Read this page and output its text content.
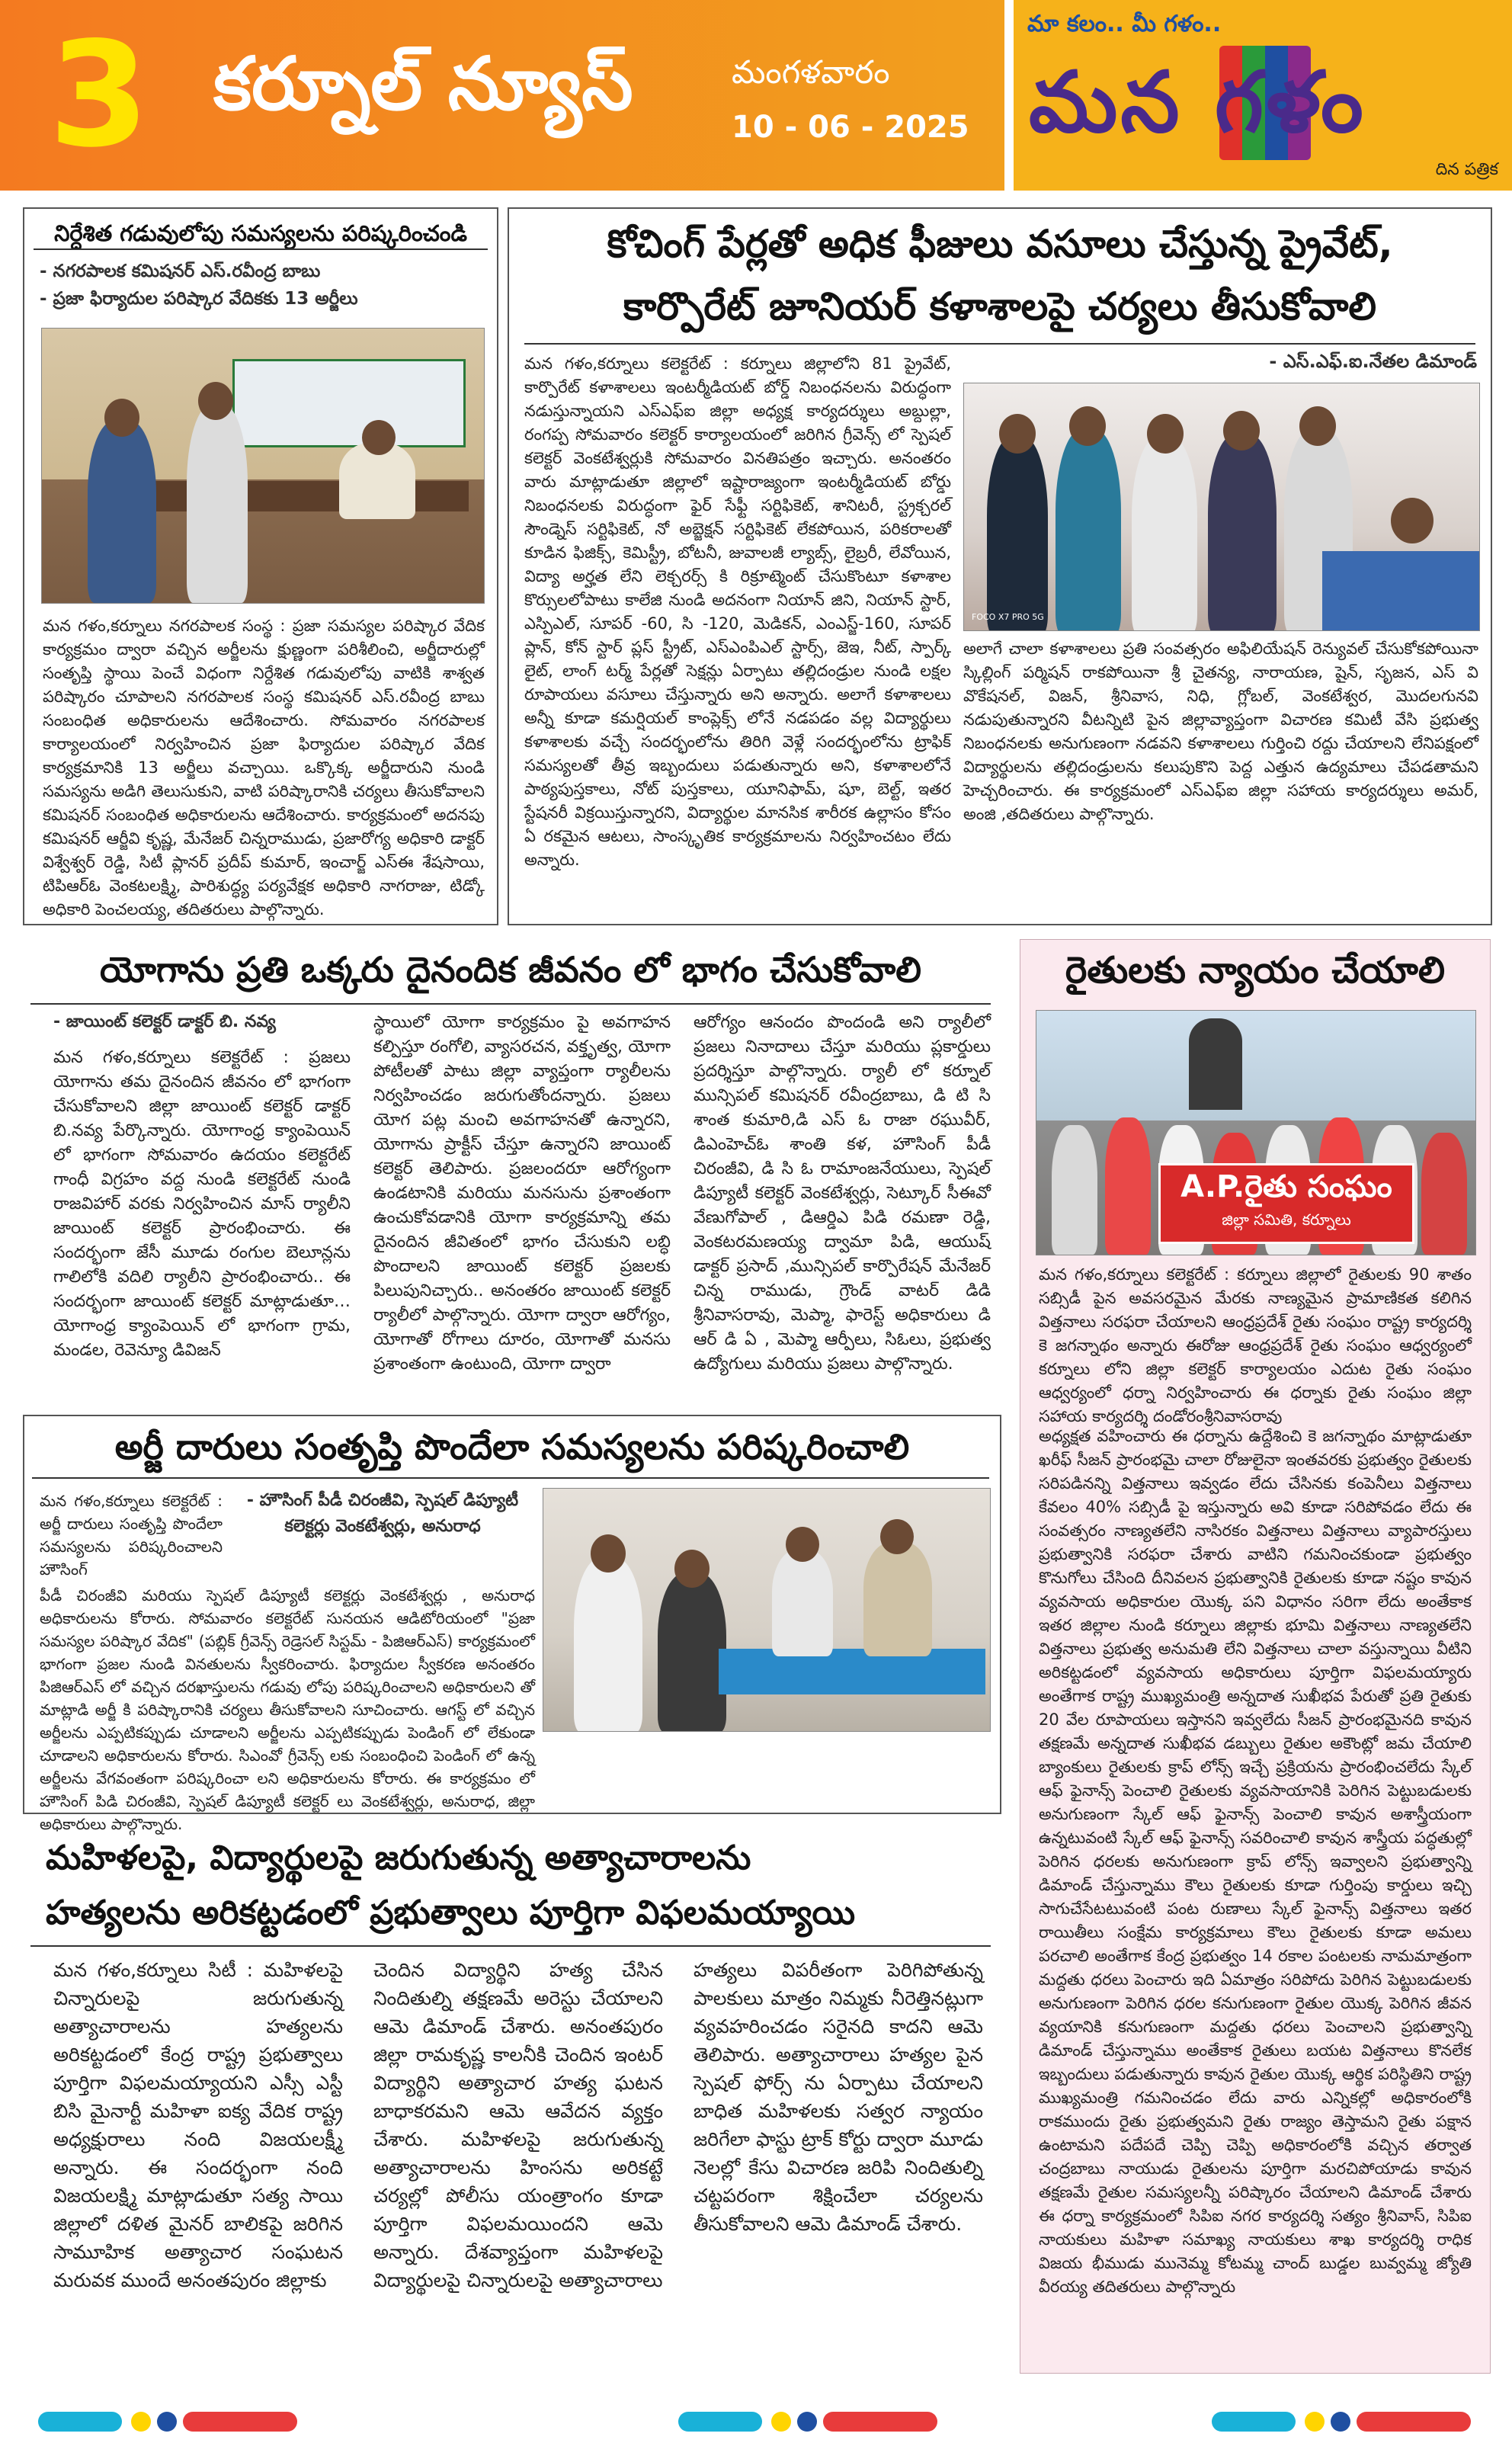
3 కర్నూల్ న్యూస్	మంగళవారం
10 - 06 - 2025
మా కలం.. మీ గళం..
మన గళం
దిన పత్రిక
నిర్దేశిత గడువులోపు సమస్యలను పరిష్కరించండి
- నగరపాలక కమిషనర్ ఎస్.రవీంద్ర బాబు
- ప్రజా ఫిర్యాదుల పరిష్కార వేదికకు 13 అర్జీలు
మన గళం,కర్నూలు నగరపాలక సంస్థ : ప్రజా సమస్యల పరిష్కార వేదిక కార్యక్రమం ద్వారా వచ్చిన అర్జీలను క్షుణ్ణంగా పరిశీలించి, అర్జీదారుల్లో సంతృప్తి స్థాయి పెంచే విధంగా నిర్దేశిత గడువులోపు వాటికి శాశ్వత పరిష్కారం చూపాలని నగరపాలక సంస్థ కమిషనర్ ఎస్.రవీంద్ర బాబు సంబంధిత అధికారులను ఆదేశించారు. సోమవారం నగరపాలక కార్యాలయంలో నిర్వహించిన ప్రజా ఫిర్యాదుల పరిష్కార వేదిక కార్యక్రమానికి 13 అర్జీలు వచ్చాయి. ఒక్కొక్క అర్జీదారుని నుండి సమస్యను అడిగి తెలుసుకుని, వాటి పరిష్కారానికి చర్యలు తీసుకోవాలని కమిషనర్ సంబంధిత అధికారులను ఆదేశించారు. కార్యక్రమంలో అదనపు కమిషనర్ ఆర్జీవి కృష్ణ, మేనేజర్ చిన్నరాముడు, ప్రజారోగ్య అధికారి డాక్టర్ విశ్వేశ్వర్ రెడ్డి, సిటీ ప్లానర్ ప్రదీప్ కుమార్, ఇంచార్జ్ ఎస్ఈ శేషసాయి, టిపిఆర్ఓ వెంకటలక్ష్మి, పారిశుద్ధ్య పర్యవేక్షక అధికారి నాగరాజు, టిడ్కో అధికారి పెంచలయ్య, తదితరులు పాల్గొన్నారు.
కోచింగ్ పేర్లతో అధిక ఫీజులు వసూలు చేస్తున్న ప్రైవేట్,
కార్పొరేట్ జూనియర్ కళాశాలపై చర్యలు తీసుకోవాలి
మన గళం,కర్నూలు కలెక్టరేట్ : కర్నూలు జిల్లాలోని 81 ప్రైవేట్, కార్పొరేట్ కళాశాలలు ఇంటర్మీడియట్ బోర్డ్ నిబంధనలను విరుద్ధంగా నడుస్తున్నాయని ఎస్ఎఫ్ఐ జిల్లా అధ్యక్ష కార్యదర్శులు అబ్దుల్లా, రంగప్ప సోమవారం కలెక్టర్ కార్యాలయంలో జరిగిన గ్రీవెన్స్ లో స్పెషల్ కలెక్టర్ వెంకటేశ్వర్లుకి సోమవారం వినతిపత్రం ఇచ్చారు. అనంతరం వారు మాట్లాడుతూ జిల్లాలో ఇష్టారాజ్యంగా ఇంటర్మీడియట్ బోర్డు నిబంధనలకు విరుద్ధంగా ఫైర్ సేఫ్టీ సర్టిఫికెట్, శానిటరీ, స్ట్రక్చరల్ సౌండ్నెస్ సర్టిఫికెట్, నో అబ్జెక్షన్ సర్టిఫికెట్ లేకపోయిన, పరికరాలతో కూడిన ఫిజిక్స్, కెమిస్ట్రీ, బోటనీ, జువాలజీ ల్యాబ్స్, లైబ్రరీ, లేవోయిన, విద్యా అర్హత లేని లెక్చరర్స్ కి రిక్రూట్మెంట్ చేసుకొంటూ కళాశాల కొర్సులలోపాటు కాలేజి నుండి అదనంగా నియాన్ జిని, నియాన్ స్టార్, ఎస్పిఎల్, సూపర్ -60, సి -120, మెడికన్, ఎంఎస్జ్-160, సూపర్ ప్లాన్, కోన్ స్టార్ ప్లస్ స్ట్రీట్, ఎస్ఎంపిఎల్ స్టార్స్, జెఇ, నీట్, స్పార్క్ లైట్, లాంగ్ టర్మ్ పేర్లతో సెక్షన్లు ఏర్పాటు తల్లిదండ్రుల నుండి లక్షల రూపాయలు వసూలు చేస్తున్నారు అని అన్నారు. అలాగే కళాశాలలు అన్నీ కూడా కమర్షియల్ కాంప్లెక్స్ లోనే నడపడం వల్ల విద్యార్థులు కళాశాలకు వచ్చే సందర్భంలోను తిరిగి వెళ్లే సందర్భంలోను ట్రాఫిక్ సమస్యలతో తీవ్ర ఇబ్బందులు పడుతున్నారు అని, కళాశాలలోనే పాఠ్యపుస్తకాలు, నోట్ పుస్తకాలు, యూనిఫామ్, షూ, బెల్ట్, ఇతర స్టేషనరీ విక్రయిస్తున్నారని, విద్యార్థుల మానసిక శారీరక ఉల్లాసం కోసం ఏ రకమైన ఆటలు, సాంస్కృతిక కార్యక్రమాలను నిర్వహించటం లేదు అన్నారు.
- ఎస్.ఎఫ్.ఐ.నేతల డిమాండ్
FOCO X7 PRO 5G
అలాగే చాలా కళాశాలలు ప్రతి సంవత్సరం అఫిలియేషన్ రెన్యువల్ చేసుకోకపోయినా స్కిల్లింగ్ పర్మిషన్ రాకపోయినా శ్రీ చైతన్య, నారాయణ, షైన్, సృజన, ఎస్ వి వొకేషనల్, విజన్, శ్రీనివాస, నిధి, గ్లోబల్, వెంకటేశ్వర, మొదలగునవి నడుపుతున్నారని వీటన్నిటి పైన జిల్లావ్యాప్తంగా విచారణ కమిటీ వేసి ప్రభుత్వ నిబంధనలకు అనుగుణంగా నడవని కళాశాలలు గుర్తించి రద్దు చేయాలని లేనిపక్షంలో విద్యార్థులను తల్లిదండ్రులను కలుపుకొని పెద్ద ఎత్తున ఉద్యమాలు చేపడతామని హెచ్చరించారు. ఈ కార్యక్రమంలో ఎస్ఎఫ్ఐ జిల్లా సహాయ కార్యదర్శులు అమర్, అంజి ,తదితరులు పాల్గొన్నారు.
యోగాను ప్రతి ఒక్కరు దైనందిక జీవనం లో భాగం చేసుకోవాలి
- జాయింట్ కలెక్టర్ డాక్టర్ బి. నవ్య
మన గళం,కర్నూలు కలెక్టరేట్ : ప్రజలు యోగాను తమ దైనందిన జీవనం లో భాగంగా చేసుకోవాలని జిల్లా జాయింట్ కలెక్టర్ డాక్టర్ బి.నవ్య పేర్కొన్నారు. యోగాంధ్ర క్యాంపెయిన్ లో భాగంగా సోమవారం ఉదయం కలెక్టరేట్ గాంధీ విగ్రహం వద్ద నుండి కలెక్టరేట్ నుండి రాజవిహార్ వరకు నిర్వహించిన మాస్ ర్యాలీని జాయింట్ కలెక్టర్ ప్రారంభించారు. ఈ సందర్భంగా జేసీ మూడు రంగుల బెలూన్లను గాలిలోకి వదిలి ర్యాలీని ప్రారంభించారు.. ఈ సందర్భంగా జాయింట్ కలెక్టర్ మాట్లాడుతూ… యోగాంధ్ర క్యాంపెయిన్ లో భాగంగా గ్రామ, మండల, రెవెన్యూ డివిజన్
స్థాయిలో యోగా కార్యక్రమం పై అవగాహన కల్పిస్తూ రంగోలి, వ్యాసరచన, వక్తృత్వ, యోగా పోటీలతో పాటు జిల్లా వ్యాప్తంగా ర్యాలీలను నిర్వహించడం జరుగుతోందన్నారు. ప్రజలు యోగ పట్ల మంచి అవగాహనతో ఉన్నారని, యోగాను ప్రాక్టీస్ చేస్తూ ఉన్నారని జాయింట్ కలెక్టర్ తెలిపారు. ప్రజలందరూ ఆరోగ్యంగా ఉండటానికి మరియు మనసును ప్రశాంతంగా ఉంచుకోవడానికి యోగా కార్యక్రమాన్ని తమ దైనందిన జీవితంలో భాగం చేసుకుని లబ్ధి పొందాలని జాయింట్ కలెక్టర్ ప్రజలకు పిలుపునిచ్చారు.. అనంతరం జాయింట్ కలెక్టర్ ర్యాలీలో పాల్గొన్నారు. యోగా ద్వారా ఆరోగ్యం, యోగాతో రోగాలు దూరం, యోగాతో మనసు ప్రశాంతంగా ఉంటుంది, యోగా ద్వారా
ఆరోగ్యం ఆనందం పొందండి అని ర్యాలీలో ప్రజలు నినాదాలు చేస్తూ మరియు ప్లకార్డులు ప్రదర్శిస్తూ పాల్గొన్నారు. ర్యాలీ లో కర్నూల్ మున్సిపల్ కమిషనర్ రవీంద్రబాబు, డి టి సి శాంత కుమారి,డి ఎస్ ఓ రాజా రఘువీర్, డిఎంహెచ్ఓ శాంతి కళ, హౌసింగ్ పీడీ చిరంజీవి, డి సి ఓ రామాంజనేయులు, స్పెషల్ డిప్యూటీ కలెక్టర్ వెంకటేశ్వర్లు, సెట్కూర్ సీఈవో వేణుగోపాల్ , డిఆర్డిఎ పిడి రమణా రెడ్డి, వెంకటరమణయ్య ద్వామా పిడి, ఆయుష్ డాక్టర్ ప్రసాద్ ,మున్సిపల్ కార్పొరేషన్ మేనేజర్ చిన్న రాముడు, గ్రౌండ్ వాటర్ డిడి శ్రీనివాసరావు, మెప్మా, ఫారెస్ట్ అధికారులు డి ఆర్ డి ఏ , మెప్మా ఆర్పీలు, సిఓలు, ప్రభుత్వ ఉద్యోగులు మరియు ప్రజలు పాల్గొన్నారు.
రైతులకు న్యాయం చేయాలి
A.P.రైతు సంఘం
జిల్లా సమితి, కర్నూలు
మన గళం,కర్నూలు కలెక్టరేట్ : కర్నూలు జిల్లాలో రైతులకు 90 శాతం సబ్సిడీ పైన అవసరమైన మేరకు నాణ్యమైన ప్రామాణికత కలిగిన విత్తనాలు సరఫరా చేయాలని ఆంధ్రప్రదేశ్ రైతు సంఘం రాష్ట్ర కార్యదర్శి కె జగన్నాథం అన్నారు ఈరోజు ఆంధ్రప్రదేశ్ రైతు సంఘం ఆధ్వర్యంలో కర్నూలు లోని జిల్లా కలెక్టర్ కార్యాలయం ఎదుట రైతు సంఘం ఆధ్వర్యంలో ధర్నా నిర్వహించారు ఈ ధర్నాకు రైతు సంఘం జిల్లా సహాయ కార్యదర్శి దండోరంశ్రీనివాసరావు
అధ్యక్షత వహించారు ఈ ధర్నాను ఉద్దేశించి కె జగన్నాథం మాట్లాడుతూ ఖరీఫ్ సీజన్ ప్రారంభమై చాలా రోజులైనా ఇంతవరకు ప్రభుత్వం రైతులకు సరిపడినన్ని విత్తనాలు ఇవ్వడం లేదు చేసినకు కంపెనీలు విత్తనాలు కేవలం 40% సబ్సిడీ పై ఇస్తున్నారు అవి కూడా సరిపోవడం లేదు ఈ సంవత్సరం నాణ్యతలేని నాసిరకం విత్తనాలు విత్తనాలు వ్యాపారస్తులు ప్రభుత్వానికి సరఫరా చేశారు వాటిని గమనించకుండా ప్రభుత్వం కొనుగోలు చేసింది దీనివలన ప్రభుత్వానికి రైతులకు కూడా నష్టం కావున వ్యవసాయ అధికారుల యొక్క పని విధానం సరిగా లేదు అంతేకాక ఇతర జిల్లాల నుండి కర్నూలు జిల్లాకు భూమి విత్తనాలు నాణ్యతలేని విత్తనాలు ప్రభుత్వ అనుమతి లేని విత్తనాలు చాలా వస్తున్నాయి వీటిని అరికట్టడంలో వ్యవసాయ అధికారులు పూర్తిగా విఫలమయ్యారు అంతేగాక రాష్ట్ర ముఖ్యమంత్రి అన్నదాత సుఖీభవ పేరుతో ప్రతి రైతుకు 20 వేల రూపాయలు ఇస్తానని ఇవ్వలేదు సీజన్ ప్రారంభమైనది కావున తక్షణమే అన్నదాత సుఖీభవ డబ్బులు రైతుల అకౌంట్లో జమ చేయాలి బ్యాంకులు రైతులకు క్రాప్ లోన్స్ ఇచ్చే ప్రక్రియను ప్రారంభించలేదు స్కేల్ ఆఫ్ ఫైనాన్స్ పెంచాలి రైతులకు వ్యవసాయానికి పెరిగిన పెట్టుబడులకు అనుగుణంగా స్కేల్ ఆఫ్ ఫైనాన్స్ పెంచాలి కావున అశాస్త్రీయంగా ఉన్నటువంటి స్కేల్ ఆఫ్ ఫైనాన్స్ సవరించాలి కావున శాస్త్రీయ పద్ధతుల్లో పెరిగిన ధరలకు అనుగుణంగా క్రాప్ లోన్స్ ఇవ్వాలని ప్రభుత్వాన్ని డిమాండ్ చేస్తున్నాము కౌలు రైతులకు కూడా గుర్తింపు కార్డులు ఇచ్చి సాగుచేసేటటువంటి పంట రుణాలు స్కేల్ ఫైనాన్స్ విత్తనాలు ఇతర రాయితీలు సంక్షేమ కార్యక్రమాలు కౌలు రైతులకు కూడా అమలు పరచాలి అంతేగాక కేంద్ర ప్రభుత్వం 14 రకాల పంటలకు నామమాత్రంగా మద్దతు ధరలు పెంచారు ఇది ఏమాత్రం సరిపోదు పెరిగిన పెట్టుబడులకు అనుగుణంగా పెరిగిన ధరల కనుగుణంగా రైతుల యొక్క పెరిగిన జీవన వ్యయానికి కనుగుణంగా మద్దతు ధరలు పెంచాలని ప్రభుత్వాన్ని డిమాండ్ చేస్తున్నాము అంతేకాక రైతులు బయట విత్తనాలు కొనలేక ఇబ్బందులు పడుతున్నారు కావున రైతుల యొక్క ఆర్థిక పరిస్థితిని రాష్ట్ర ముఖ్యమంత్రి గమనించడం లేదు వారు ఎన్నికల్లో అధికారంలోకి రాకముందు రైతు ప్రభుత్వమని రైతు రాజ్యం తెస్తామని రైతు పక్షాన ఉంటామని పదేపదే చెప్పి చెప్పి అధికారంలోకి వచ్చిన తర్వాత చంద్రబాబు నాయుడు రైతులను పూర్తిగా మరచిపోయాడు కావున తక్షణమే రైతుల సమస్యలన్నీ పరిష్కారం చేయాలని డిమాండ్ చేశారు ఈ ధర్నా కార్యక్రమంలో సిపిఐ నగర కార్యదర్శి సత్యం శ్రీనివాస్, సిపిఐ నాయకులు మహిళా సమాఖ్య నాయకులు శాఖ కార్యదర్శి రాధిక విజయ భీముడు మునెమ్మ కోటమ్మ చాంద్ బుడ్డల బువ్వమ్మ జ్యోతి వీరయ్య తదితరులు పాల్గొన్నారు
అర్జీ దారులు సంతృప్తి పొందేలా సమస్యలను పరిష్కరించాలి
మన గళం,కర్నూలు కలెక్టరేట్ : అర్జీ దారులు సంతృప్తి పొందేలా సమస్యలను పరిష్కరించాలని హౌసింగ్
- హౌసింగ్ పీడీ చిరంజీవి, స్పెషల్ డిప్యూటీ
కలెక్టర్లు వెంకటేశ్వర్లు, అనురాధ
పీడీ చిరంజీవి మరియు స్పెషల్ డిప్యూటీ కలెక్టర్లు వెంకటేశ్వర్లు , అనురాధ అధికారులను కోరారు. సోమవారం కలెక్టరేట్ సునయన ఆడిటోరియంలో "ప్రజా సమస్యల పరిష్కార వేదిక" (పబ్లిక్ గ్రీవెన్స్ రెడ్రెసల్ సిస్టమ్ - పిజిఆర్ఎస్) కార్యక్రమంలో భాగంగా ప్రజల నుండి వినతులను స్వీకరించారు. ఫిర్యాదుల స్వీకరణ అనంతరం పిజిఆర్ఎస్ లో వచ్చిన దరఖాస్తులను గడువు లోపు పరిష్కరించాలని అధికారులని తో మాట్లాడి అర్జీ కి పరిష్కారానికి చర్యలు తీసుకోవాలని సూచించారు. ఆగస్ట్ లో వచ్చిన అర్జీలను ఎప్పటికప్పుడు చూడాలని అర్జీలను ఎప్పటికప్పుడు పెండింగ్ లో లేకుండా చూడాలని అధికారులను కోరారు. సిఎంవో గ్రీవెన్స్ లకు సంబంధించి పెండింగ్ లో ఉన్న అర్జీలను వేగవంతంగా పరిష్కరించా లని అధికారులను కోరారు. ఈ కార్యక్రమం లో హౌసింగ్ పిడి చిరంజీవి, స్పెషల్ డిప్యూటీ కలెక్టర్ లు వెంకటేశ్వర్లు, అనురాధ, జిల్లా అధికారులు పాల్గొన్నారు.
మహిళలపై, విద్యార్థులపై జరుగుతున్న అత్యాచారాలను
హత్యలను అరికట్టడంలో ప్రభుత్వాలు పూర్తిగా విఫలమయ్యాయి
మన గళం,కర్నూలు సిటీ : మహిళలపై చిన్నారులపై జరుగుతున్న అత్యాచారాలను హత్యలను అరికట్టడంలో కేంద్ర రాష్ట్ర ప్రభుత్వాలు పూర్తిగా విఫలమయ్యాయని ఎస్సీ ఎస్టీ బిసి మైనార్టీ మహిళా ఐక్య వేదిక రాష్ట్ర అధ్యక్షురాలు నంది విజయలక్ష్మీ అన్నారు. ఈ సందర్భంగా నంది విజయలక్ష్మి మాట్లాడుతూ సత్య సాయి జిల్లాలో దళిత మైనర్ బాలికపై జరిగిన సామూహిక అత్యాచార సంఘటన మరువక ముందే అనంతపురం జిల్లాకు
చెందిన విద్యార్థిని హత్య చేసిన నిందితుల్ని తక్షణమే అరెస్టు చేయాలని ఆమె డిమాండ్ చేశారు. అనంతపురం జిల్లా రామకృష్ణ కాలనీకి చెందిన ఇంటర్ విద్యార్థిని అత్యాచార హత్య ఘటన బాధాకరమని ఆమె ఆవేదన వ్యక్తం చేశారు. మహిళలపై జరుగుతున్న అత్యాచారాలను హింసను అరికట్టే చర్యల్లో పోలీసు యంత్రాంగం కూడా పూర్తిగా విఫలమయిందని ఆమె అన్నారు. దేశవ్యాప్తంగా మహిళలపై విద్యార్థులపై చిన్నారులపై అత్యాచారాలు
హత్యలు విపరీతంగా పెరిగిపోతున్న పాలకులు మాత్రం నిమ్మకు నీరెత్తినట్లుగా వ్యవహరించడం సరైనది కాదని ఆమె తెలిపారు. అత్యాచారాలు హత్యల పైన స్పెషల్ ఫోర్స్ ను ఏర్పాటు చేయాలని బాధిత మహిళలకు సత్వర న్యాయం జరిగేలా ఫాస్టు ట్రాక్ కోర్టు ద్వారా మూడు నెలల్లో కేసు విచారణ జరిపి నిందితుల్ని చట్టపరంగా శిక్షించేలా చర్యలను తీసుకోవాలని ఆమె డిమాండ్ చేశారు.
